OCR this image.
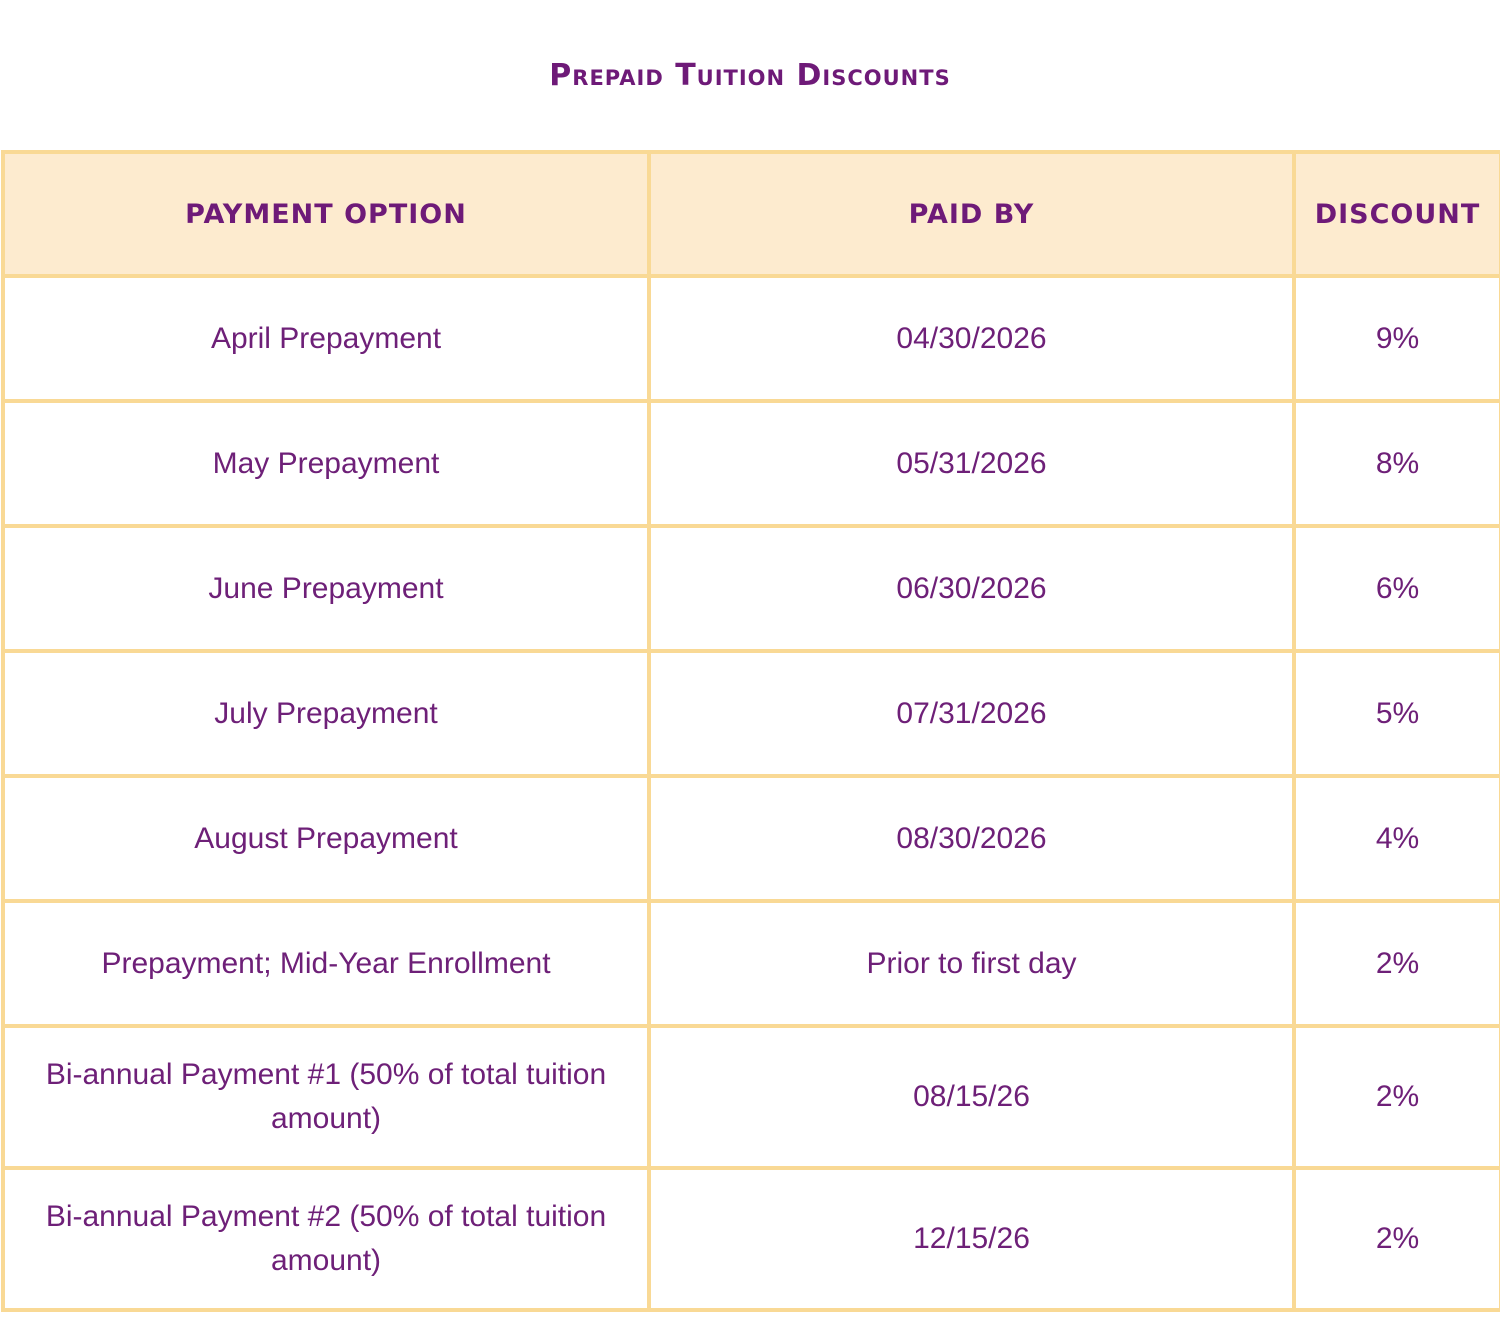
Prepaid Tuition Discounts
PAYMENT OPTION	PAID BY	DISCOUNT
April Prepayment	04/30/2026	9%
May Prepayment	05/31/2026	8%
June Prepayment	06/30/2026	6%
July Prepayment	07/31/2026	5%
August Prepayment	08/30/2026	4%
Prepayment; Mid-Year Enrollment	Prior to first day	2%
Bi-annual Payment #1 (50% of total tuition amount)	08/15/26	2%
Bi-annual Payment #2 (50% of total tuition amount)	12/15/26	2%
